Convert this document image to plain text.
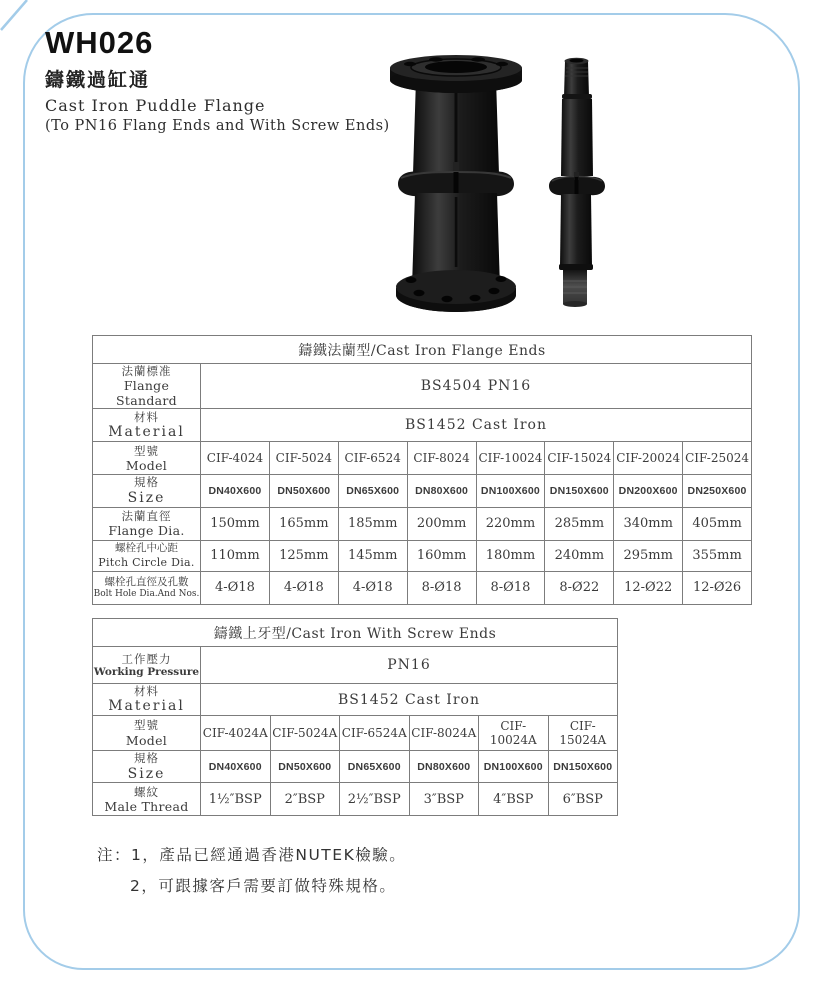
WH026
鑄鐵過缸通
Cast Iron Puddle Flange
(To PN16 Flang Ends and With Screw Ends)
鑄鐵法蘭型/Cast Iron Flange Ends								

法蘭標准
Flange Standard	BS4504 PN16							

材料
Material	BS1452 Cast Iron							

型號
Model	CIF-4024	CIF-5024	CIF-6524	CIF-8024	CIF-10024	CIF-15024	CIF-20024	CIF-25024

規格
Size	DN40X600	DN50X600	DN65X600	DN80X600	DN100X600	DN150X600	DN200X600	DN250X600

法蘭直徑
Flange Dia.	150mm	165mm	185mm	200mm	220mm	285mm	340mm	405mm

螺栓孔中心距
Pitch Circle Dia.	110mm	125mm	145mm	160mm	180mm	240mm	295mm	355mm

螺栓孔直徑及孔數
Bolt Hole Dia.And Nos.	4-Ø18	4-Ø18	4-Ø18	8-Ø18	8-Ø18	8-Ø22	12-Ø22	12-Ø26
鑄鐵上牙型/Cast Iron With Screw Ends						

工作壓力
Working Pressure	PN16					

材料
Material	BS1452 Cast Iron					

型號
Model	CIF-4024A	CIF-5024A	CIF-6524A	CIF-8024A	CIF-10024A	CIF-15024A

規格
Size	DN40X600	DN50X600	DN65X600	DN80X600	DN100X600	DN150X600

螺紋
Male Thread	1½″BSP	2″BSP	2½″BSP	3″BSP	4″BSP	6″BSP
注：1，產品已經通過香港NUTEK檢驗。
2，可跟據客戶需要訂做特殊規格。
